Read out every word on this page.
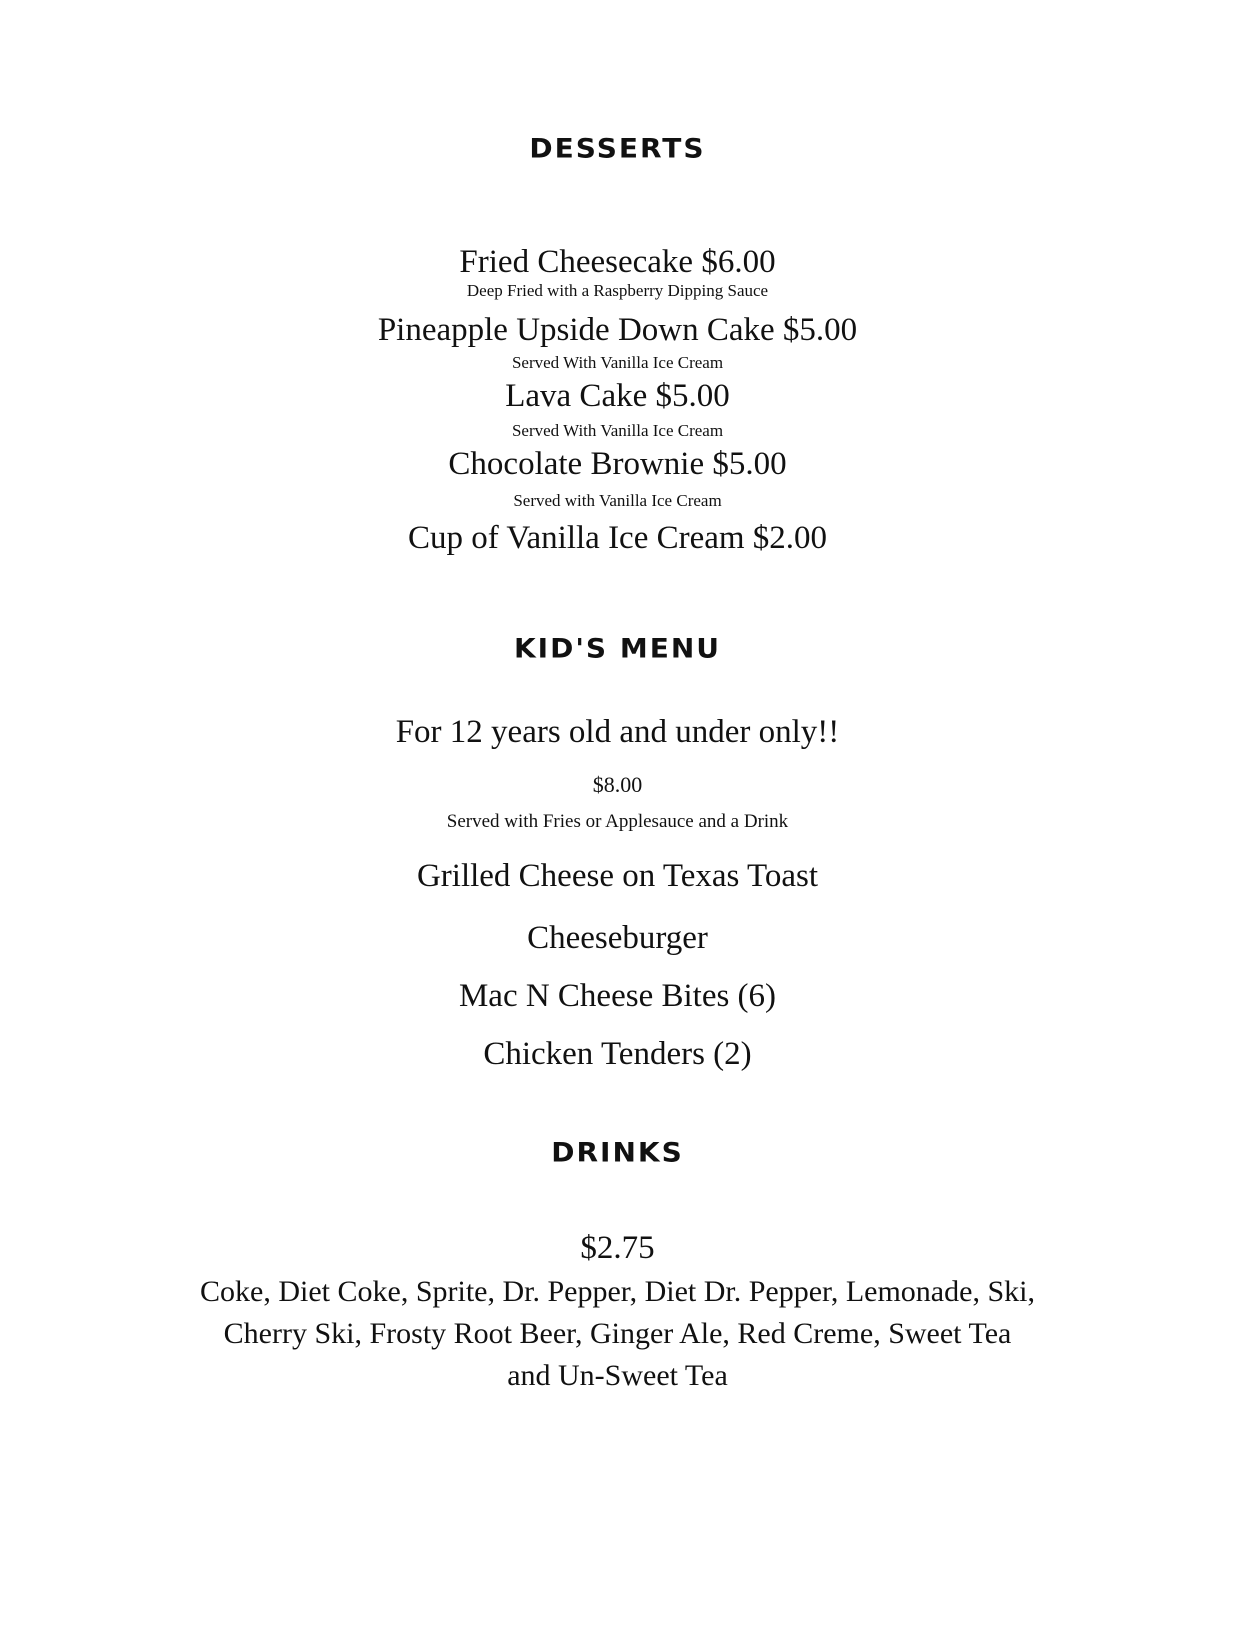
DESSERTS
Fried Cheesecake $6.00
Deep Fried with a Raspberry Dipping Sauce
Pineapple Upside Down Cake $5.00
Served With Vanilla Ice Cream
Lava Cake $5.00
Served With Vanilla Ice Cream
Chocolate Brownie $5.00
Served with Vanilla Ice Cream
Cup of Vanilla Ice Cream $2.00
KID'S MENU
For 12 years old and under only!!
$8.00
Served with Fries or Applesauce and a Drink
Grilled Cheese on Texas Toast
Cheeseburger
Mac N Cheese Bites (6)
Chicken Tenders (2)
DRINKS
$2.75
Coke, Diet Coke, Sprite, Dr. Pepper, Diet Dr. Pepper, Lemonade, Ski,
Cherry Ski, Frosty Root Beer, Ginger Ale, Red Creme, Sweet Tea
and Un-Sweet Tea
